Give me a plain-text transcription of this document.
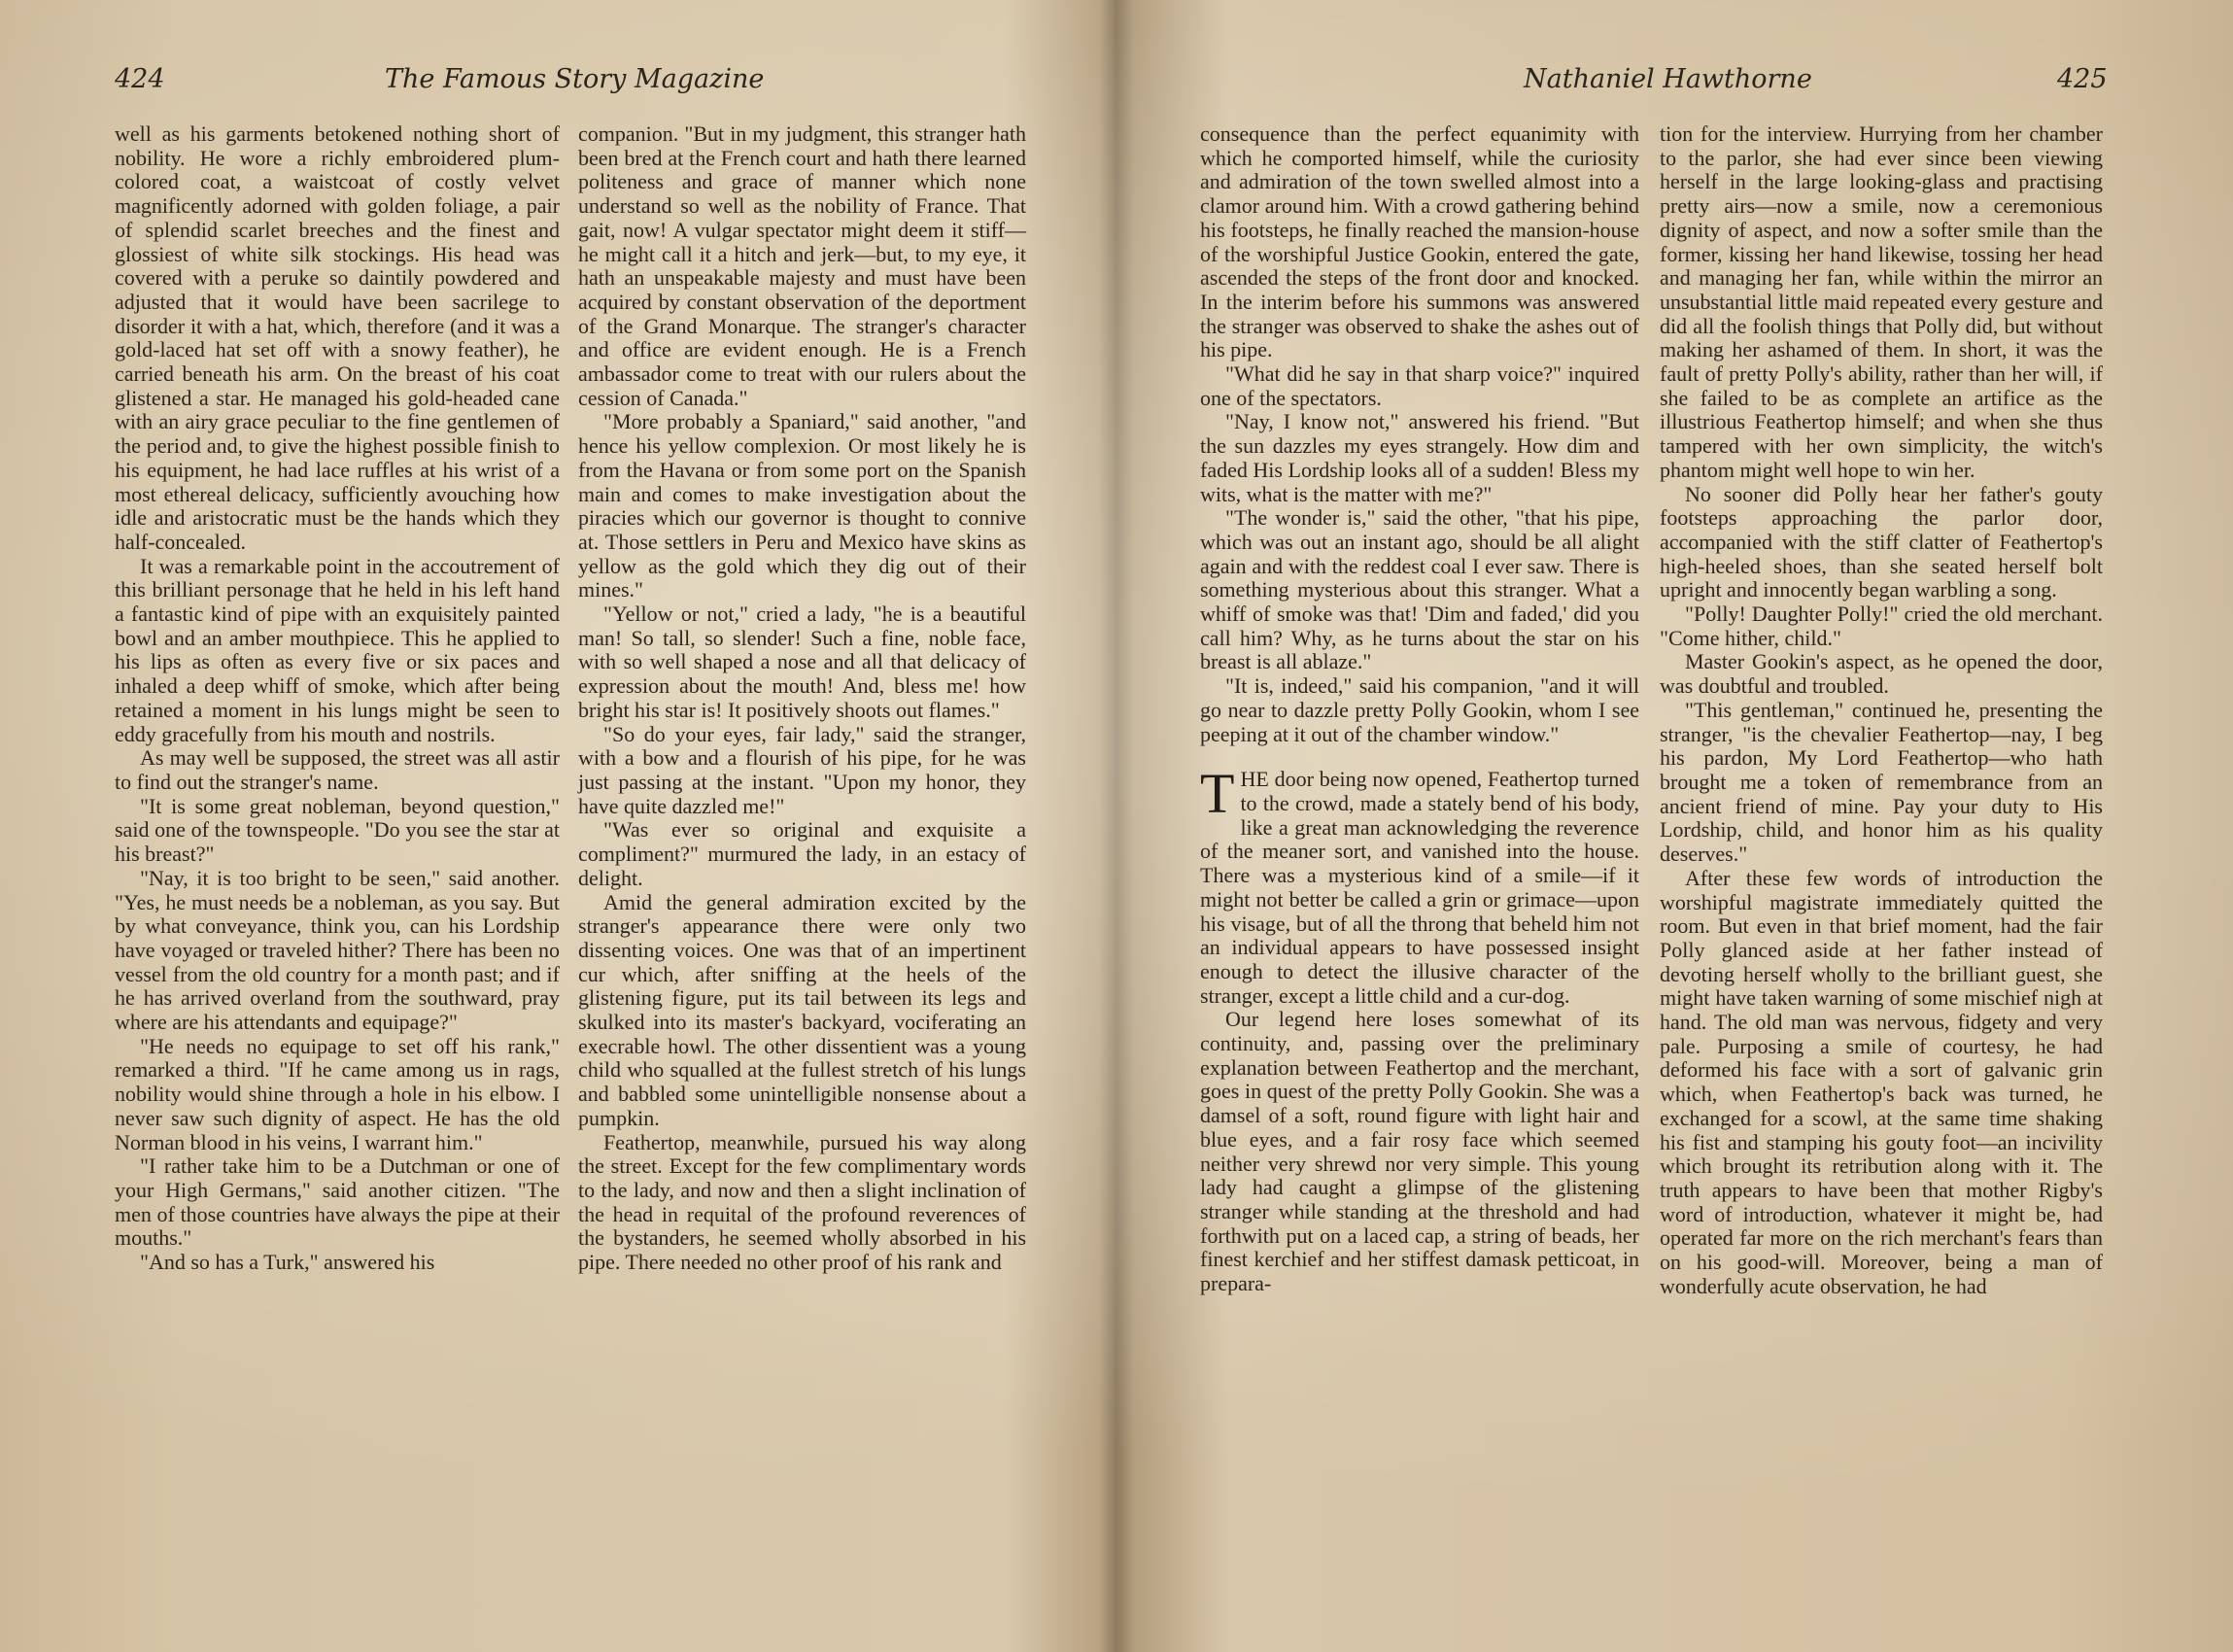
424	The Famous Story Magazine

well as his garments betokened nothing short of nobility. He wore a richly embroidered plum-colored coat, a waistcoat of costly velvet magnificently adorned with golden foliage, a pair of splendid scarlet breeches and the finest and glossiest of white silk stockings. His head was covered with a peruke so daintily powdered and adjusted that it would have been sacrilege to disorder it with a hat, which, therefore (and it was a gold-laced hat set off with a snowy feather), he carried beneath his arm. On the breast of his coat glistened a star. He managed his gold-headed cane with an airy grace peculiar to the fine gentlemen of the period and, to give the highest possible finish to his equipment, he had lace ruffles at his wrist of a most ethereal delicacy, sufficiently avouching how idle and aristocratic must be the hands which they half-concealed.

It was a remarkable point in the accoutrement of this brilliant personage that he held in his left hand a fantastic kind of pipe with an exquisitely painted bowl and an amber mouthpiece. This he applied to his lips as often as every five or six paces and inhaled a deep whiff of smoke, which after being retained a moment in his lungs might be seen to eddy gracefully from his mouth and nostrils.

As may well be supposed, the street was all astir to find out the stranger's name.

"It is some great nobleman, beyond question," said one of the townspeople. "Do you see the star at his breast?"

"Nay, it is too bright to be seen," said another. "Yes, he must needs be a nobleman, as you say. But by what conveyance, think you, can his Lordship have voyaged or traveled hither? There has been no vessel from the old country for a month past; and if he has arrived overland from the southward, pray where are his attendants and equipage?"

"He needs no equipage to set off his rank," remarked a third. "If he came among us in rags, nobility would shine through a hole in his elbow. I never saw such dignity of aspect. He has the old Norman blood in his veins, I warrant him."

"I rather take him to be a Dutchman or one of your High Germans," said another citizen. "The men of those countries have always the pipe at their mouths."

"And so has a Turk," answered his

companion. "But in my judgment, this stranger hath been bred at the French court and hath there learned politeness and grace of manner which none understand so well as the nobility of France. That gait, now! A vulgar spectator might deem it stiff—he might call it a hitch and jerk—but, to my eye, it hath an unspeakable majesty and must have been acquired by constant observation of the deportment of the Grand Monarque. The stranger's character and office are evident enough. He is a French ambassador come to treat with our rulers about the cession of Canada."

"More probably a Spaniard," said another, "and hence his yellow complexion. Or most likely he is from the Havana or from some port on the Spanish main and comes to make investigation about the piracies which our governor is thought to connive at. Those settlers in Peru and Mexico have skins as yellow as the gold which they dig out of their mines."

"Yellow or not," cried a lady, "he is a beautiful man! So tall, so slender! Such a fine, noble face, with so well shaped a nose and all that delicacy of expression about the mouth! And, bless me! how bright his star is! It positively shoots out flames."

"So do your eyes, fair lady," said the stranger, with a bow and a flourish of his pipe, for he was just passing at the instant. "Upon my honor, they have quite dazzled me!"

"Was ever so original and exquisite a compliment?" murmured the lady, in an estacy of delight.

Amid the general admiration excited by the stranger's appearance there were only two dissenting voices. One was that of an impertinent cur which, after sniffing at the heels of the glistening figure, put its tail between its legs and skulked into its master's backyard, vociferating an execrable howl. The other dissentient was a young child who squalled at the fullest stretch of his lungs and babbled some unintelligible nonsense about a pumpkin.

Feathertop, meanwhile, pursued his way along the street. Except for the few complimentary words to the lady, and now and then a slight inclination of the head in requital of the profound reverences of the bystanders, he seemed wholly absorbed in his pipe. There needed no other proof of his rank and

Nathaniel Hawthorne	425

consequence than the perfect equanimity with which he comported himself, while the curiosity and admiration of the town swelled almost into a clamor around him. With a crowd gathering behind his footsteps, he finally reached the mansion-house of the worshipful Justice Gookin, entered the gate, ascended the steps of the front door and knocked. In the interim before his summons was answered the stranger was observed to shake the ashes out of his pipe.

"What did he say in that sharp voice?" inquired one of the spectators.

"Nay, I know not," answered his friend. "But the sun dazzles my eyes strangely. How dim and faded His Lordship looks all of a sudden! Bless my wits, what is the matter with me?"

"The wonder is," said the other, "that his pipe, which was out an instant ago, should be all alight again and with the reddest coal I ever saw. There is something mysterious about this stranger. What a whiff of smoke was that! 'Dim and faded,' did you call him? Why, as he turns about the star on his breast is all ablaze."

"It is, indeed," said his companion, "and it will go near to dazzle pretty Polly Gookin, whom I see peeping at it out of the chamber window."

THE door being now opened, Feathertop turned to the crowd, made a stately bend of his body, like a great man acknowledging the reverence of the meaner sort, and vanished into the house. There was a mysterious kind of a smile—if it might not better be called a grin or grimace—upon his visage, but of all the throng that beheld him not an individual appears to have possessed insight enough to detect the illusive character of the stranger, except a little child and a cur-dog.

Our legend here loses somewhat of its continuity, and, passing over the preliminary explanation between Feathertop and the merchant, goes in quest of the pretty Polly Gookin. She was a damsel of a soft, round figure with light hair and blue eyes, and a fair rosy face which seemed neither very shrewd nor very simple. This young lady had caught a glimpse of the glistening stranger while standing at the threshold and had forthwith put on a laced cap, a string of beads, her finest kerchief and her stiffest damask petticoat, in prepara-

tion for the interview. Hurrying from her chamber to the parlor, she had ever since been viewing herself in the large looking-glass and practising pretty airs—now a smile, now a ceremonious dignity of aspect, and now a softer smile than the former, kissing her hand likewise, tossing her head and managing her fan, while within the mirror an unsubstantial little maid repeated every gesture and did all the foolish things that Polly did, but without making her ashamed of them. In short, it was the fault of pretty Polly's ability, rather than her will, if she failed to be as complete an artifice as the illustrious Feathertop himself; and when she thus tampered with her own simplicity, the witch's phantom might well hope to win her.

No sooner did Polly hear her father's gouty footsteps approaching the parlor door, accompanied with the stiff clatter of Feathertop's high-heeled shoes, than she seated herself bolt upright and innocently began warbling a song.

"Polly! Daughter Polly!" cried the old merchant. "Come hither, child."

Master Gookin's aspect, as he opened the door, was doubtful and troubled.

"This gentleman," continued he, presenting the stranger, "is the chevalier Feathertop—nay, I beg his pardon, My Lord Feathertop—who hath brought me a token of remembrance from an ancient friend of mine. Pay your duty to His Lordship, child, and honor him as his quality deserves."

After these few words of introduction the worshipful magistrate immediately quitted the room. But even in that brief moment, had the fair Polly glanced aside at her father instead of devoting herself wholly to the brilliant guest, she might have taken warning of some mischief nigh at hand. The old man was nervous, fidgety and very pale. Purposing a smile of courtesy, he had deformed his face with a sort of galvanic grin which, when Feathertop's back was turned, he exchanged for a scowl, at the same time shaking his fist and stamping his gouty foot—an incivility which brought its retribution along with it. The truth appears to have been that mother Rigby's word of introduction, whatever it might be, had operated far more on the rich merchant's fears than on his good-will. Moreover, being a man of wonderfully acute observation, he had
